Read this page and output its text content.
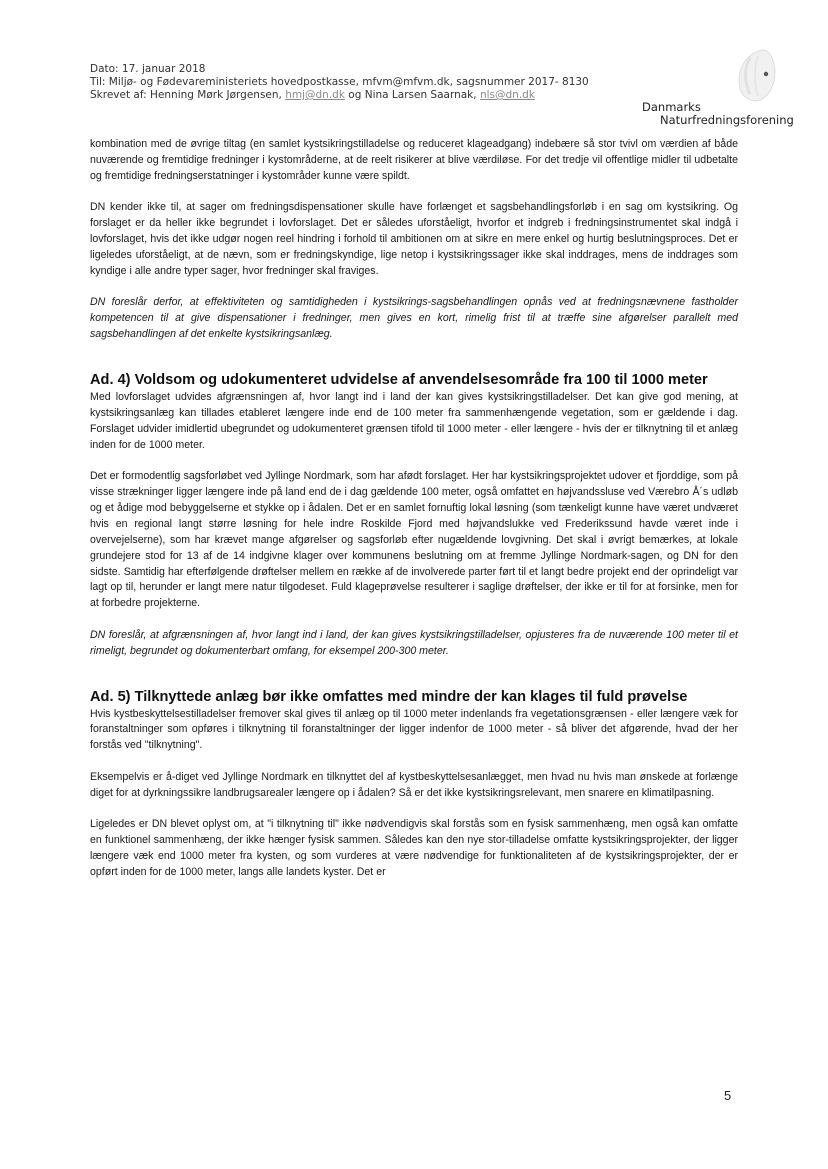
Dato: 17. januar 2018
Til: Miljø- og Fødevareministeriets hovedpostkasse, mfvm@mfvm.dk, sagsnummer 2017- 8130
Skrevet af: Henning Mørk Jørgensen, hmj@dn.dk og Nina Larsen Saarnak, nls@dn.dk
Danmarks
Naturfredningsforening

kombination med de øvrige tiltag (en samlet kystsikringstilladelse og reduceret klageadgang) indebære så stor tvivl om værdien af både nuværende og fremtidige fredninger i kystområderne, at de reelt risikerer at blive værdiløse. For det tredje vil offentlige midler til udbetalte og fremtidige fredningserstatninger i kystområder kunne være spildt.

DN kender ikke til, at sager om fredningsdispensationer skulle have forlænget et sagsbehandlingsforløb i en sag om kystsikring. Og forslaget er da heller ikke begrundet i lovforslaget. Det er således uforståeligt, hvorfor et indgreb i fredningsinstrumentet skal indgå i lovforslaget, hvis det ikke udgør nogen reel hindring i forhold til ambitionen om at sikre en mere enkel og hurtig beslutningsproces. Det er ligeledes uforståeligt, at de nævn, som er fredningskyndige, lige netop i kystsikringssager ikke skal inddrages, mens de inddrages som kyndige i alle andre typer sager, hvor fredninger skal fraviges.

DN foreslår derfor, at effektiviteten og samtidigheden i kystsikrings-sagsbehandlingen opnås ved at fredningsnævnene fastholder kompetencen til at give dispensationer i fredninger, men gives en kort, rimelig frist til at træffe sine afgørelser parallelt med sagsbehandlingen af det enkelte kystsikringsanlæg.

Ad. 4) Voldsom og udokumenteret udvidelse af anvendelsesområde fra 100 til 1000 meter

Med lovforslaget udvides afgrænsningen af, hvor langt ind i land der kan gives kystsikringstilladelser. Det kan give god mening, at kystsikringsanlæg kan tillades etableret længere inde end de 100 meter fra sammenhængende vegetation, som er gældende i dag. Forslaget udvider imidlertid ubegrundet og udokumenteret grænsen tifold til 1000 meter - eller længere - hvis der er tilknytning til et anlæg inden for de 1000 meter.

Det er formodentlig sagsforløbet ved Jyllinge Nordmark, som har afødt forslaget. Her har kystsikringsprojektet udover et fjorddige, som på visse strækninger ligger længere inde på land end de i dag gældende 100 meter, også omfattet en højvandssluse ved Værebro Å´s udløb og et ådige mod bebyggelserne et stykke op i ådalen. Det er en samlet fornuftig lokal løsning (som tænkeligt kunne have været undværet hvis en regional langt større løsning for hele indre Roskilde Fjord med højvandslukke ved Frederikssund havde været inde i overvejelserne), som har krævet mange afgørelser og sagsforløb efter nugældende lovgivning. Det skal i øvrigt bemærkes, at lokale grundejere stod for 13 af de 14 indgivne klager over kommunens beslutning om at fremme Jyllinge Nordmark-sagen, og DN for den sidste. Samtidig har efterfølgende drøftelser mellem en række af de involverede parter ført til et langt bedre projekt end der oprindeligt var lagt op til, herunder er langt mere natur tilgodeset. Fuld klageprøvelse resulterer i saglige drøftelser, der ikke er til for at forsinke, men for at forbedre projekterne.

DN foreslår, at afgrænsningen af, hvor langt ind i land, der kan gives kystsikringstilladelser, opjusteres fra de nuværende 100 meter til et rimeligt, begrundet og dokumenterbart omfang, for eksempel 200-300 meter.

Ad. 5) Tilknyttede anlæg bør ikke omfattes med mindre der kan klages til fuld prøvelse

Hvis kystbeskyttelsestilladelser fremover skal gives til anlæg op til 1000 meter indenlands fra vegetationsgrænsen - eller længere væk for foranstaltninger som opføres i tilknytning til foranstaltninger der ligger indenfor de 1000 meter - så bliver det afgørende, hvad der her forstås ved "tilknytning".

Eksempelvis er å-diget ved Jyllinge Nordmark en tilknyttet del af kystbeskyttelsesanlægget, men hvad nu hvis man ønskede at forlænge diget for at dyrkningssikre landbrugsarealer længere op i ådalen? Så er det ikke kystsikringsrelevant, men snarere en klimatilpasning.

Ligeledes er DN blevet oplyst om, at "i tilknytning til" ikke nødvendigvis skal forstås som en fysisk sammenhæng, men også kan omfatte en funktionel sammenhæng, der ikke hænger fysisk sammen. Således kan den nye stor-tilladelse omfatte kystsikringsprojekter, der ligger længere væk end 1000 meter fra kysten, og som vurderes at være nødvendige for funktionaliteten af de kystsikringsprojekter, der er opført inden for de 1000 meter, langs alle landets kyster. Det er

5
